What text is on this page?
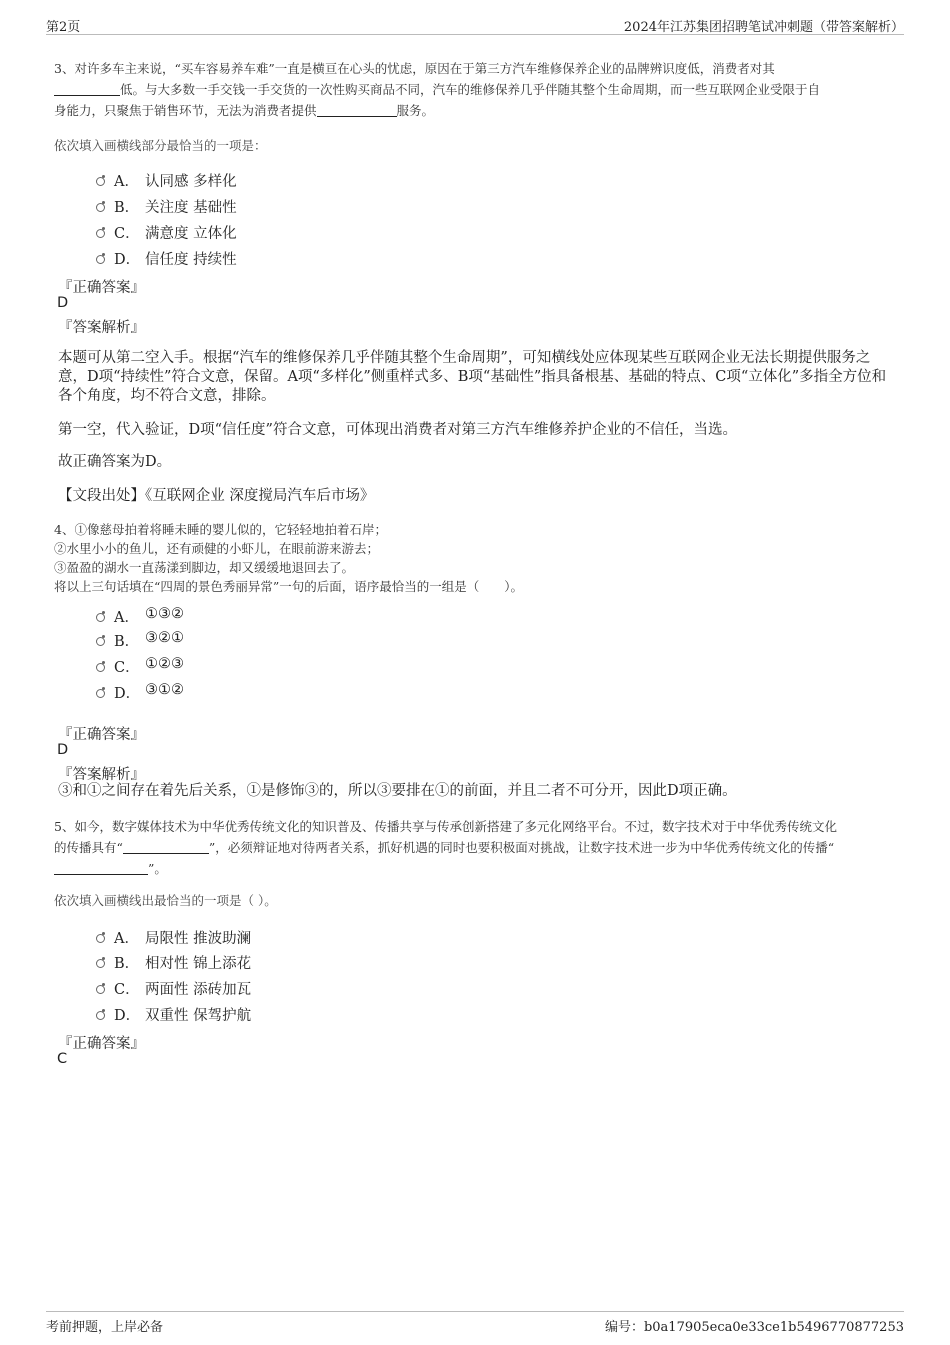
第2页	2024年江苏集团招聘笔试冲刺题（带答案解析）
3、对许多车主来说，“买车容易养车难”一直是横亘在心头的忧虑，原因在于第三方汽车维修保养企业的品牌辨识度低，消费者对其
低。与大多数一手交钱一手交货的一次性购买商品不同，汽车的维修保养几乎伴随其整个生命周期，而一些互联网企业受限于自
身能力，只聚焦于销售环节，无法为消费者提供	服务。
依次填入画横线部分最恰当的一项是：
A． 认同感 多样化
B． 关注度 基础性
C． 满意度 立体化
D． 信任度 持续性
『正确答案』
D
『答案解析』
本题可从第二空入手。根据“汽车的维修保养几乎伴随其整个生命周期”，可知横线处应体现某些互联网企业无法长期提供服务之意，D项“持续性”符合文意，保留。A项“多样化”侧重样式多、B项“基础性”指具备根基、基础的特点、C项“立体化”多指全方位和各个角度，均不符合文意，排除。
第一空，代入验证，D项“信任度”符合文意，可体现出消费者对第三方汽车维修养护企业的不信任，当选。
故正确答案为D。
【文段出处】《互联网企业 深度搅局汽车后市场》
4、①像慈母拍着将睡未睡的婴儿似的，它轻轻地拍着石岸；
②水里小小的鱼儿，还有顽健的小虾儿，在眼前游来游去；
③盈盈的湖水一直荡漾到脚边，却又缓缓地退回去了。
将以上三句话填在“四周的景色秀丽异常”一句的后面，语序最恰当的一组是（　　）。
A． ①③②
B． ③②①
C． ①②③
D． ③①②
『正确答案』
D
『答案解析』
③和①之间存在着先后关系，①是修饰③的，所以③要排在①的前面，并且二者不可分开，因此D项正确。
5、如今，数字媒体技术为中华优秀传统文化的知识普及、传播共享与传承创新搭建了多元化网络平台。不过，数字技术对于中华优秀传统文化
的传播具有“	”，必须辩证地对待两者关系，抓好机遇的同时也要积极面对挑战，让数字技术进一步为中华优秀传统文化的传播“
”。
依次填入画横线出最恰当的一项是（ ）。
A． 局限性 推波助澜
B． 相对性 锦上添花
C． 两面性 添砖加瓦
D． 双重性 保驾护航
『正确答案』
C
考前押题，上岸必备	编号：b0a17905eca0e33ce1b5496770877253
